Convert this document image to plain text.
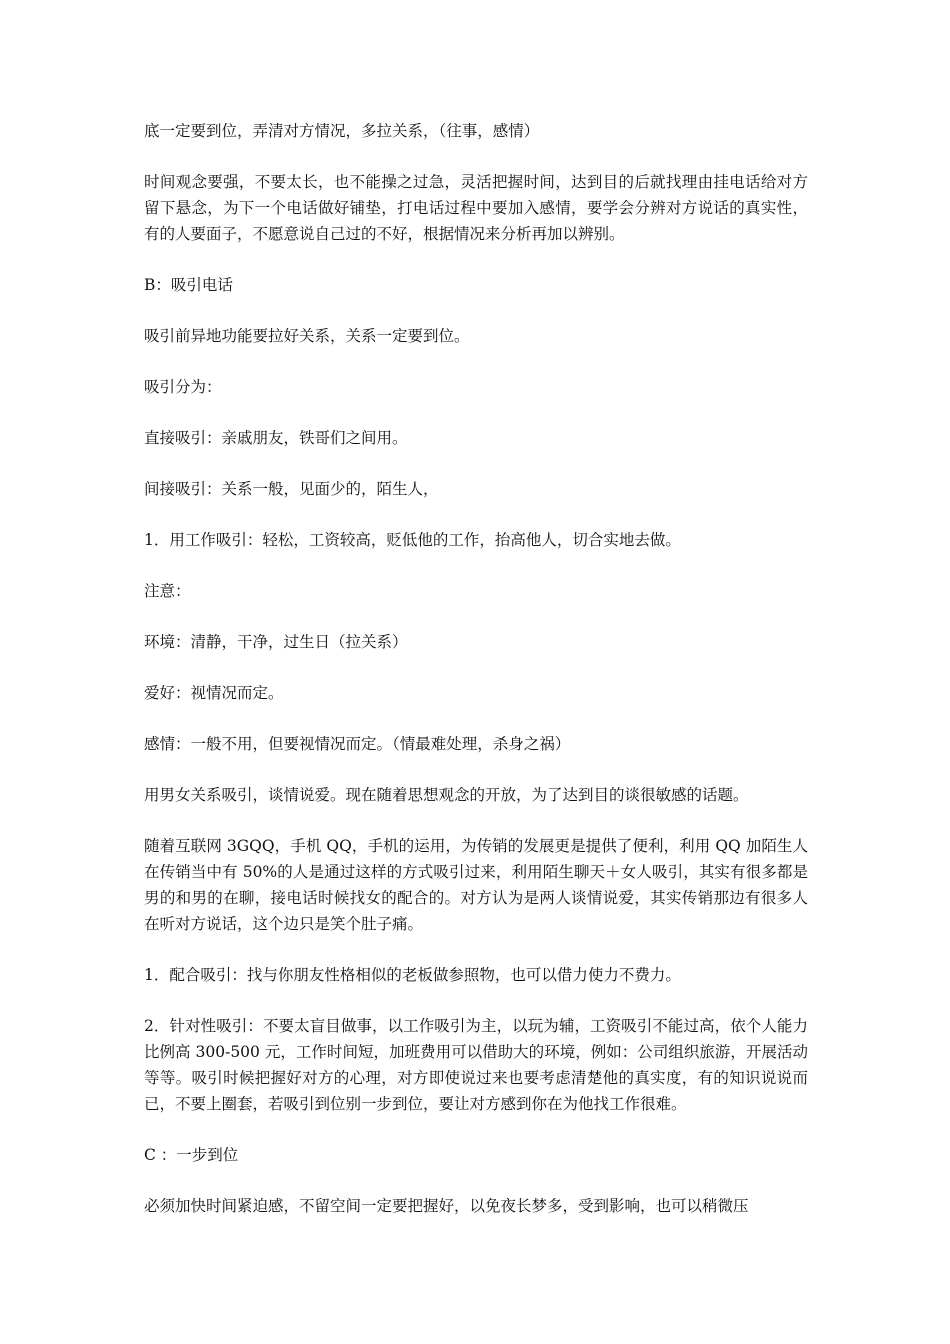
底一定要到位，弄清对方情况，多拉关系，（往事，感情）

时间观念要强，不要太长，也不能操之过急，灵活把握时间，达到目的后就找理由挂电话给对方留下悬念，为下一个电话做好铺垫，打电话过程中要加入感情，要学会分辨对方说话的真实性，有的人要面子，不愿意说自己过的不好，根据情况来分析再加以辨别。

B：吸引电话

吸引前异地功能要拉好关系，关系一定要到位。

吸引分为：

直接吸引：亲戚朋友，铁哥们之间用。

间接吸引：关系一般，见面少的，陌生人，

1．用工作吸引：轻松，工资较高，贬低他的工作，抬高他人，切合实地去做。

注意：

环境：清静，干净，过生日（拉关系）

爱好：视情况而定。

感情：一般不用，但要视情况而定。（情最难处理，杀身之祸）

用男女关系吸引，谈情说爱。现在随着思想观念的开放，为了达到目的谈很敏感的话题。

随着互联网 3GQQ，手机 QQ，手机的运用，为传销的发展更是提供了便利，利用 QQ 加陌生人在传销当中有 50%的人是通过这样的方式吸引过来，利用陌生聊天＋女人吸引，其实有很多都是男的和男的在聊，接电话时候找女的配合的。对方认为是两人谈情说爱，其实传销那边有很多人在听对方说话，这个边只是笑个肚子痛。

1．配合吸引：找与你朋友性格相似的老板做参照物，也可以借力使力不费力。

2．针对性吸引：不要太盲目做事，以工作吸引为主，以玩为辅，工资吸引不能过高，依个人能力比例高 300-500 元，工作时间短，加班费用可以借助大的环境，例如：公司组织旅游，开展活动等等。吸引时候把握好对方的心理，对方即使说过来也要考虑清楚他的真实度，有的知识说说而已，不要上圈套，若吸引到位别一步到位，要让对方感到你在为他找工作很难。

C ：一步到位

必须加快时间紧迫感，不留空间一定要把握好，以免夜长梦多，受到影响，也可以稍微压
